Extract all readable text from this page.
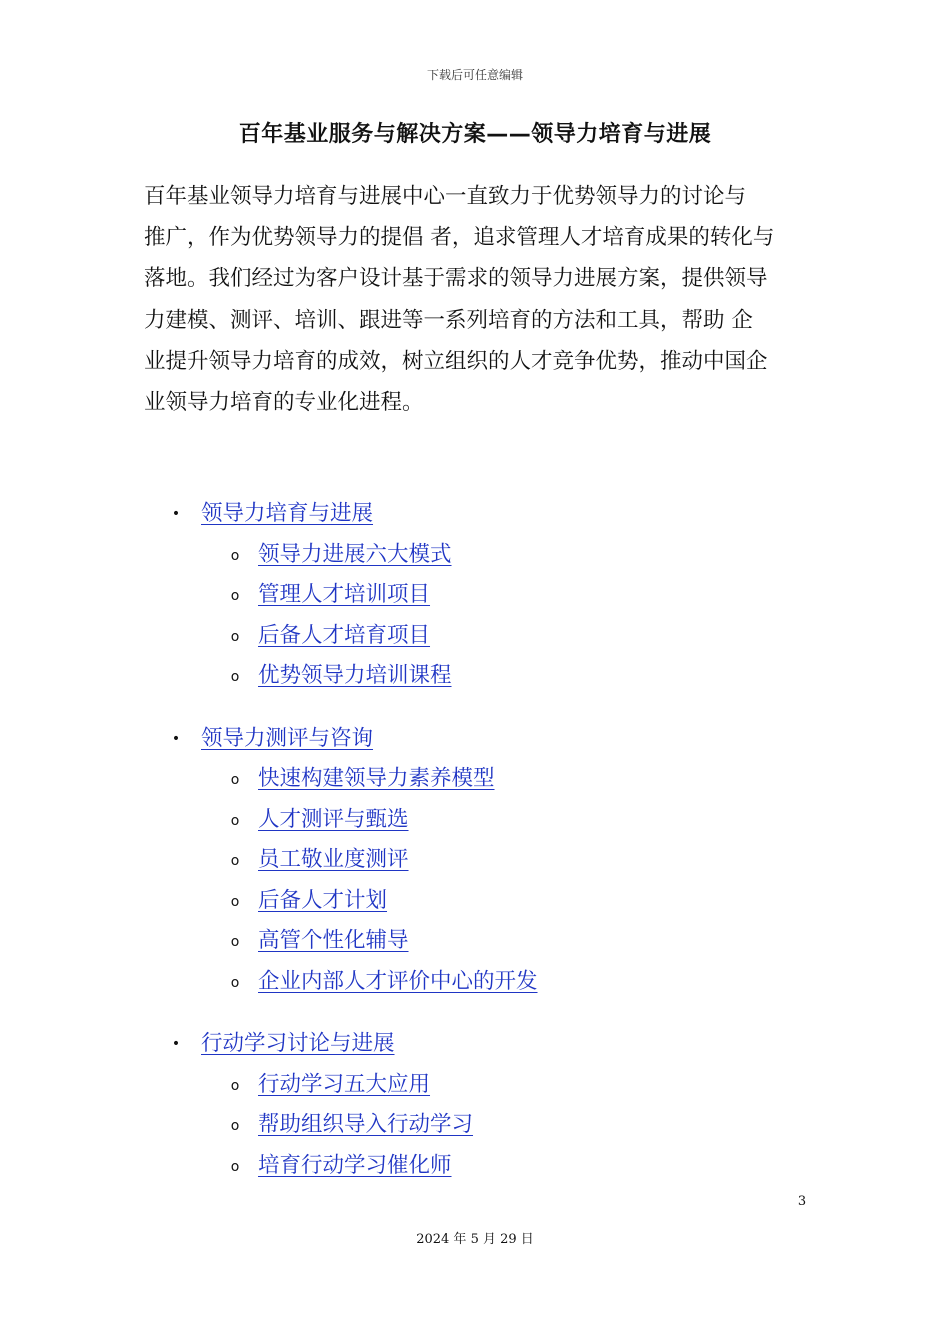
下载后可任意编辑
百年基业服务与解决方案——领导力培育与进展
百年基业领导力培育与进展中心一直致力于优势领导力的讨论与
推广，作为优势领导力的提倡 者，追求管理人才培育成果的转化与
落地。我们经过为客户设计基于需求的领导力进展方案，提供领导
力建模、测评、培训、跟进等一系列培育的方法和工具，帮助 企
业提升领导力培育的成效，树立组织的人才竞争优势，推动中国企
业领导力培育的专业化进程。
• 领导力培育与进展
o 领导力进展六大模式
o 管理人才培训项目
o 后备人才培育项目
o 优势领导力培训课程
• 领导力测评与咨询
o 快速构建领导力素养模型
o 人才测评与甄选
o 员工敬业度测评
o 后备人才计划
o 高管个性化辅导
o 企业内部人才评价中心的开发
• 行动学习讨论与进展
o 行动学习五大应用
o 帮助组织导入行动学习
o 培育行动学习催化师
3
2024 年 5 月 29 日
